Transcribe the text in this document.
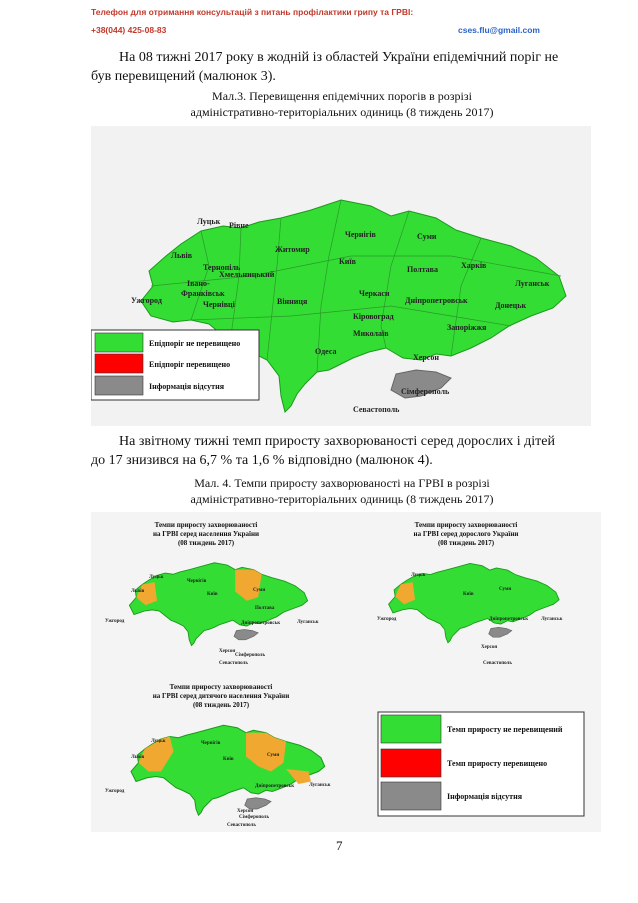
Телефон для отримання консультацій з питань профілактики грипу та ГРВІ:
+38(044) 425-08-83	cses.flu@gmail.com
На 08 тижні 2017 року в жодній із областей України епідемічний поріг не
був перевищений (малюнок 3).
Мал.3. Перевищення епідемічних порогів в розрізі
адміністративно-територіальних одиниць (8 тиждень 2017)
Луцьк Рівне
Житомир
Чернігів	Суми
Львів
Тернопіль
Хмельницький
Київ
Полтава	Харків
Луганськ
Івано-
Франківськ
Чернівці	Вінниця
Черкаси
Дніпропетровськ
Донецьк
Ужгород
Кіровоград
Миколаїв
Запоріжжя
Одеса
Херсон
Сімферополь
Севастополь
Епідпоріг не перевищено
Епідпоріг перевищено
Інформація відсутня
На звітному тижні темп приросту захворюваності серед дорослих і дітей
до 17 знизився на 6,7 % та 1,6 % відповідно (малюнок 4).
Мал. 4. Темпи приросту захворюваності на ГРВІ в розрізі
адміністративно-територіальних одиниць (8 тиждень 2017)
Темпи приросту захворюваності
на ГРВІ серед населення України
(08 тиждень 2017)
Луцьк
Чернігів
Львів
Київ
Суми
Полтава
Луганськ
Ужгород	Дніпропетровськ
Херсон
Сімферополь
Севастополь
Темпи приросту захворюваності
на ГРВІ серед дорослого України
(08 тиждень 2017)
Луцьк
Суми
Київ
Луганськ
Ужгород	Дніпропетровськ
Херсон
Севастополь
Темпи приросту захворюваності
на ГРВІ серед дитячого населення України
(08 тиждень 2017)
Луцьк	Чернігів
Львів	Київ
Суми
Луганськ
Ужгород
Дніпропетровськ
Херсон
Сімферополь
Севастополь
Темп приросту не перевищений
Темп приросту перевищено
Інформація відсутня
7
